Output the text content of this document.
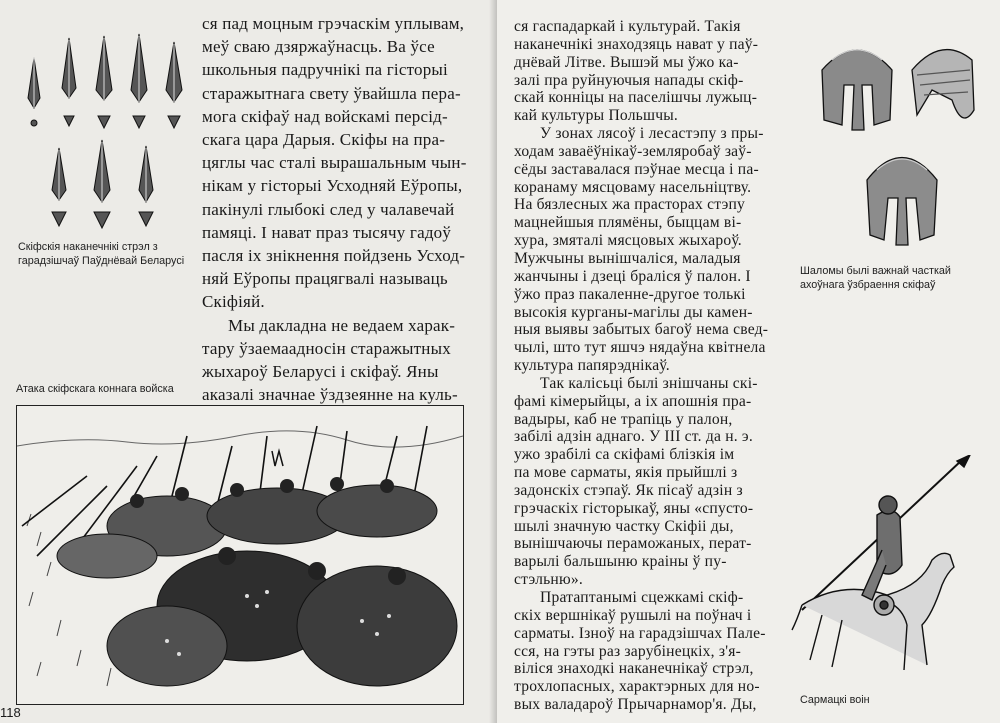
Скіфскія наканечнікі стрэл з гарадзішчаў Паўднёвай Беларусі
Атака скіфскага коннага войска

ся пад моцным грэчаскім уплывам,

меў сваю дзяржаўнасць. Ва ўсе

школьныя падручнікі па гісторыі

старажытнага свету ўвайшла пера-

мога скіфаў над войскамі персід-

скага цара Дарыя. Скіфы на пра-

цяглы час сталі вырашальным чын-

нікам у гісторыі Усходняй Еўропы,

пакінулі глыбокі след у чалавечай

памяці. І нават праз тысячу гадоў

пасля іх знікнення пойдзень Усход-

няй Еўропы працягвалі называць

Скіфіяй.

Мы дакладна не ведаем харак-

тару ўзаемаадносін старажытных

жыхароў Беларусі і скіфаў. Яны

аказалі значнае ўздзеянне на куль-

118

ся гаспадаркай і культурай. Такія

наканечнікі знаходзяць нават у паў-

днёвай Літве. Вышэй мы ўжо ка-

залі пра руйнуючыя напады скіф-

скай конніцы на паселішчы лужыц-

кай культуры Польшчы.

У зонах лясоў і лесастэпу з пры-

ходам заваёўнікаў-земляробаў заў-

сёды заставалася пэўнае месца і па-

коранаму мясцоваму насельніцтву.

На бязлесных жа прасторах стэпу

мацнейшыя плямёны, быццам ві-

хура, змяталі мясцовых жыхароў.

Мужчыны вынішчаліся, маладыя

жанчыны і дзеці браліся ў палон. І

ўжо праз пакаленне-другое толькі

высокія курганы-магілы ды камен-

ныя выявы забытых багоў нема свед-

чылі, што тут яшчэ нядаўна квітнела

культура папярэднікаў.

Так калісьці былі знішчаны скі-

фамі кімерыйцы, а іх апошнія пра-

вадыры, каб не трапіць у палон,

забілі адзін аднаго. У III ст. да н. э.

ужо зрабілі са скіфамі блізкія ім

па мове сарматы, якія прыйшлі з

задонскіх стэпаў. Як пісаў адзін з

грэчаскіх гісторыкаў, яны «спусто-

шылі значную частку Скіфіі ды,

вынішчаючы пераможаных, перат-

варылі бальшыню краіны ў пу-

стэльню».

Пратаптанымі сцежкамі скіф-

скіх вершнікаў рушылі на поўнач і

сарматы. Ізноў на гарадзішчах Пале-

сся, на гэты раз зарубінецкіх, з'я-

віліся знаходкі наканечнікаў стрэл,

трохлопасных, характэрных для но-

вых валадароў Прычарнамор'я. Ды,

Шаломы былі важнай часткай ахоўнага ўзбраення скіфаў
Сармацкі воін
